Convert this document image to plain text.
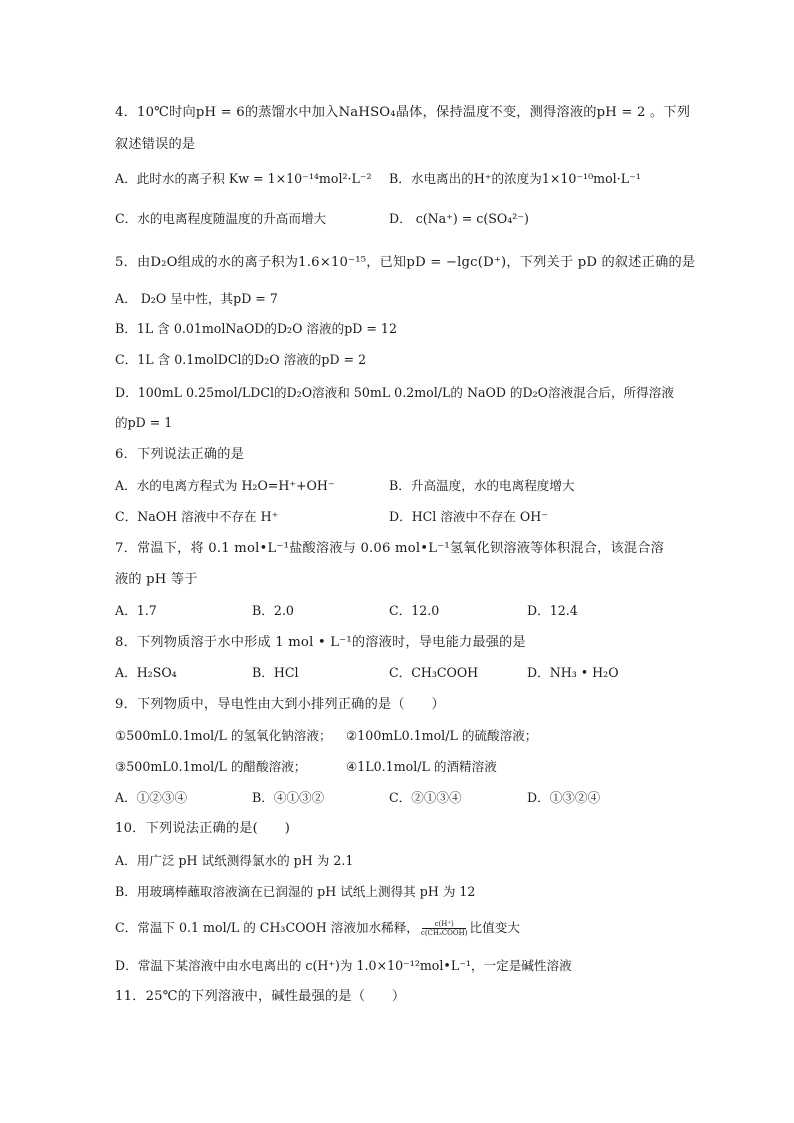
4．10℃时向pH = 6的蒸馏水中加入NaHSO₄晶体，保持温度不变，测得溶液的pH = 2 。下列
叙述错误的是
A．此时水的离子积 Kw = 1×10⁻¹⁴mol²·L⁻² B．水电离出的H⁺的浓度为1×10⁻¹⁰mol·L⁻¹
C．水的电离程度随温度的升高而增大	D． c(Na⁺) = c(SO₄²⁻)
5．由D₂O组成的水的离子积为1.6×10⁻¹⁵，已知pD = −lgc(D⁺)，下列关于 pD 的叙述正确的是
A． D₂O 呈中性，其pD = 7
B．1L 含 0.01molNaOD的D₂O 溶液的pD = 12
C．1L 含 0.1molDCl的D₂O 溶液的pD = 2
D．100mL 0.25mol/LDCl的D₂O溶液和 50mL 0.2mol/L的 NaOD 的D₂O溶液混合后，所得溶液
的pD = 1
6．下列说法正确的是
A．水的电离方程式为 H₂O=H⁺+OH⁻	B．升高温度，水的电离程度增大
C．NaOH 溶液中不存在 H⁺	D．HCl 溶液中不存在 OH⁻
7．常温下，将 0.1 mol•L⁻¹盐酸溶液与 0.06 mol•L⁻¹氢氧化钡溶液等体积混合，该混合溶
液的 pH 等于
A．1.7	B．2.0	C．12.0	D．12.4
8．下列物质溶于水中形成 1 mol • L⁻¹的溶液时，导电能力最强的是
A．H₂SO₄	B．HCl	C．CH₃COOH	D．NH₃ • H₂O
9．下列物质中，导电性由大到小排列正确的是（　　）
①500mL0.1mol/L 的氢氧化钠溶液； ②100mL0.1mol/L 的硫酸溶液；
③500mL0.1mol/L 的醋酸溶液；	④1L0.1mol/L 的酒精溶液
A．①②③④	B．④①③②	C．②①③④	D．①③②④
10．下列说法正确的是(　　)
A．用广泛 pH 试纸测得氯水的 pH 为 2.1
B．用玻璃棒蘸取溶液滴在已润湿的 pH 试纸上测得其 pH 为 12
C．常温下 0.1 mol/L 的 CH₃COOH 溶液加水稀释， c(H⁺)
c(CH₃COOH) 比值变大
D．常温下某溶液中由水电离出的 c(H⁺)为 1.0×10⁻¹²mol•L⁻¹，一定是碱性溶液
11．25℃的下列溶液中，碱性最强的是（　　）
